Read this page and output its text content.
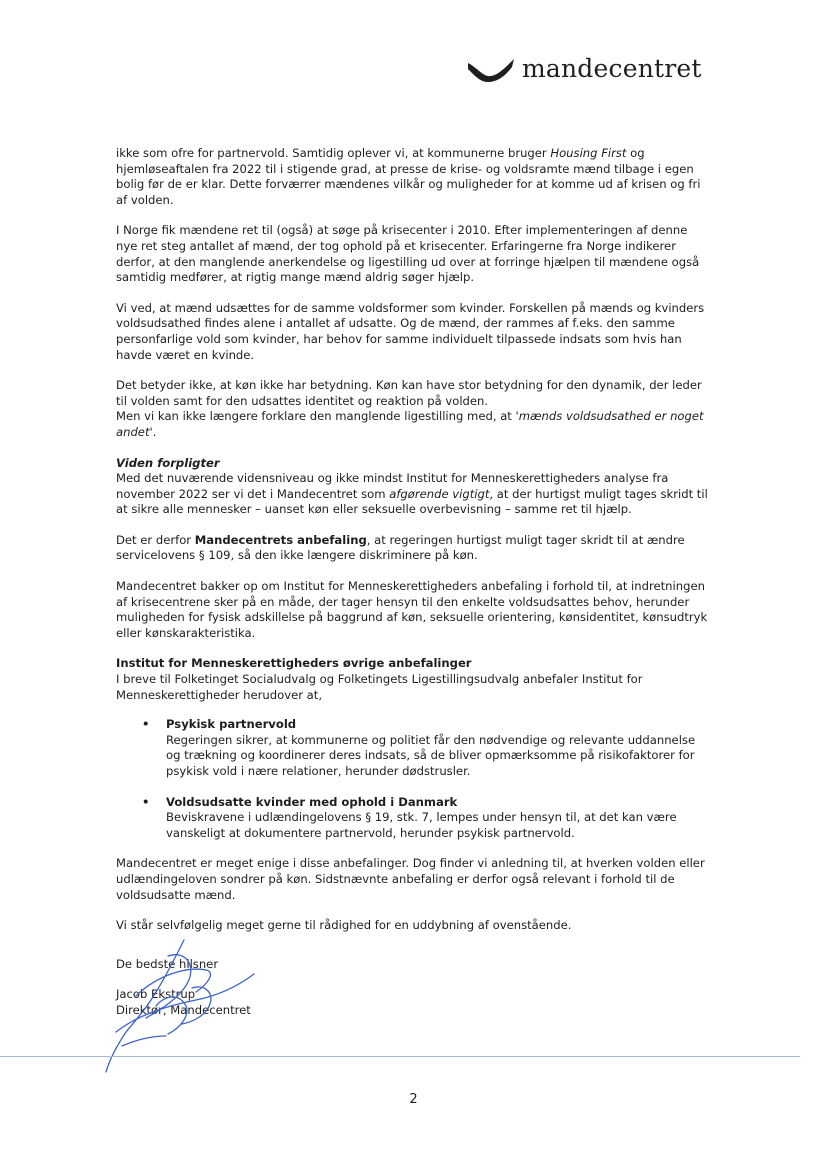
mandecentret

ikke som ofre for partnervold. Samtidig oplever vi, at kommunerne bruger Housing First og hjemløseaftalen fra 2022 til i stigende grad, at presse de krise- og voldsramte mænd tilbage i egen bolig før de er klar. Dette forværrer mændenes vilkår og muligheder for at komme ud af krisen og fri af volden.

I Norge fik mændene ret til (også) at søge på krisecenter i 2010. Efter implementeringen af denne nye ret steg antallet af mænd, der tog ophold på et krisecenter. Erfaringerne fra Norge indikerer derfor, at den manglende anerkendelse og ligestilling ud over at forringe hjælpen til mændene også samtidig medfører, at rigtig mange mænd aldrig søger hjælp.

Vi ved, at mænd udsættes for de samme voldsformer som kvinder. Forskellen på mænds og kvinders voldsudsathed findes alene i antallet af udsatte. Og de mænd, der rammes af f.eks. den samme personfarlige vold som kvinder, har behov for samme individuelt tilpassede indsats som hvis han havde været en kvinde.

Det betyder ikke, at køn ikke har betydning. Køn kan have stor betydning for den dynamik, der leder til volden samt for den udsattes identitet og reaktion på volden.

Men vi kan ikke længere forklare den manglende ligestilling med, at 'mænds voldsudsathed er noget andet'.

Viden forpligter

Med det nuværende vidensniveau og ikke mindst Institut for Menneskerettigheders analyse fra november 2022 ser vi det i Mandecentret som afgørende vigtigt, at der hurtigst muligt tages skridt til at sikre alle mennesker – uanset køn eller seksuelle overbevisning – samme ret til hjælp.

Det er derfor Mandecentrets anbefaling, at regeringen hurtigst muligt tager skridt til at ændre servicelovens § 109, så den ikke længere diskriminere på køn.

Mandecentret bakker op om Institut for Menneskerettigheders anbefaling i forhold til, at indretningen af krisecentrene sker på en måde, der tager hensyn til den enkelte voldsudsattes behov, herunder muligheden for fysisk adskillelse på baggrund af køn, seksuelle orientering, kønsidentitet, kønsudtryk eller kønskarakteristika.

Institut for Menneskerettigheders øvrige anbefalinger

I breve til Folketinget Socialudvalg og Folketingets Ligestillingsudvalg anbefaler Institut for Menneskerettigheder herudover at,

• Psykisk partnervold
Regeringen sikrer, at kommunerne og politiet får den nødvendige og relevante uddannelse og trækning og koordinerer deres indsats, så de bliver opmærksomme på risikofaktorer for psykisk vold i nære relationer, herunder dødstrusler.
• Voldsudsatte kvinder med ophold i Danmark
Beviskravene i udlændingelovens § 19, stk. 7, lempes under hensyn til, at det kan være vanskeligt at dokumentere partnervold, herunder psykisk partnervold.

Mandecentret er meget enige i disse anbefalinger. Dog finder vi anledning til, at hverken volden eller udlændingeloven sondrer på køn. Sidstnævnte anbefaling er derfor også relevant i forhold til de voldsudsatte mænd.

Vi står selvfølgelig meget gerne til rådighed for en uddybning af ovenstående.

De bedste hilsner
Jacob Ekstrup
Direktør, Mandecentret
2
